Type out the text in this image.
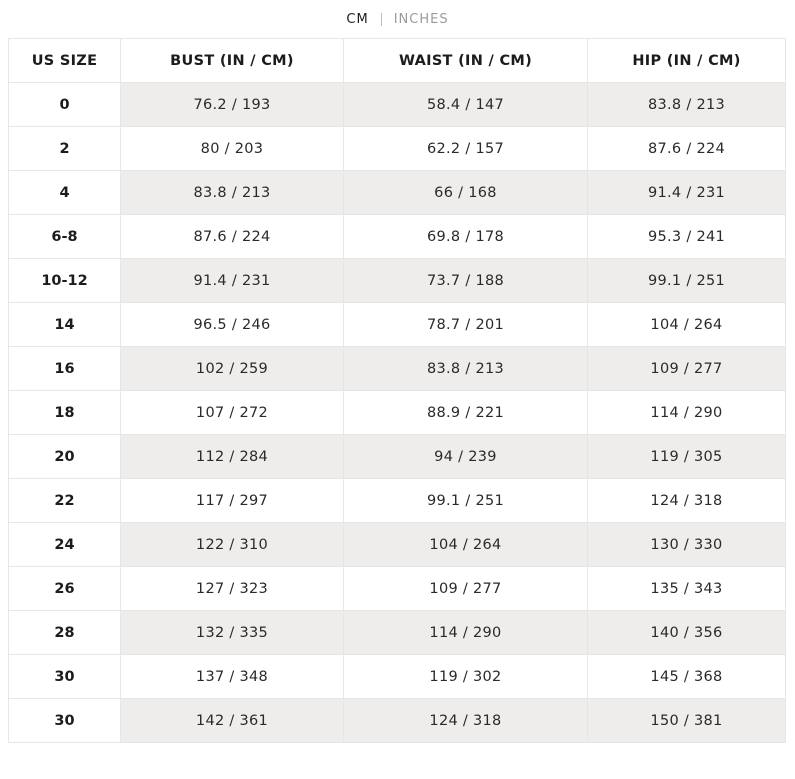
CM INCHES
US SIZE	BUST (IN / CM)	WAIST (IN / CM)	HIP (IN / CM)
0	76.2 / 193	58.4 / 147	83.8 / 213
2	80 / 203	62.2 / 157	87.6 / 224
4	83.8 / 213	66 / 168	91.4 / 231
6-8	87.6 / 224	69.8 / 178	95.3 / 241
10-12	91.4 / 231	73.7 / 188	99.1 / 251
14	96.5 / 246	78.7 / 201	104 / 264
16	102 / 259	83.8 / 213	109 / 277
18	107 / 272	88.9 / 221	114 / 290
20	112 / 284	94 / 239	119 / 305
22	117 / 297	99.1 / 251	124 / 318
24	122 / 310	104 / 264	130 / 330
26	127 / 323	109 / 277	135 / 343
28	132 / 335	114 / 290	140 / 356
30	137 / 348	119 / 302	145 / 368
30	142 / 361	124 / 318	150 / 381
